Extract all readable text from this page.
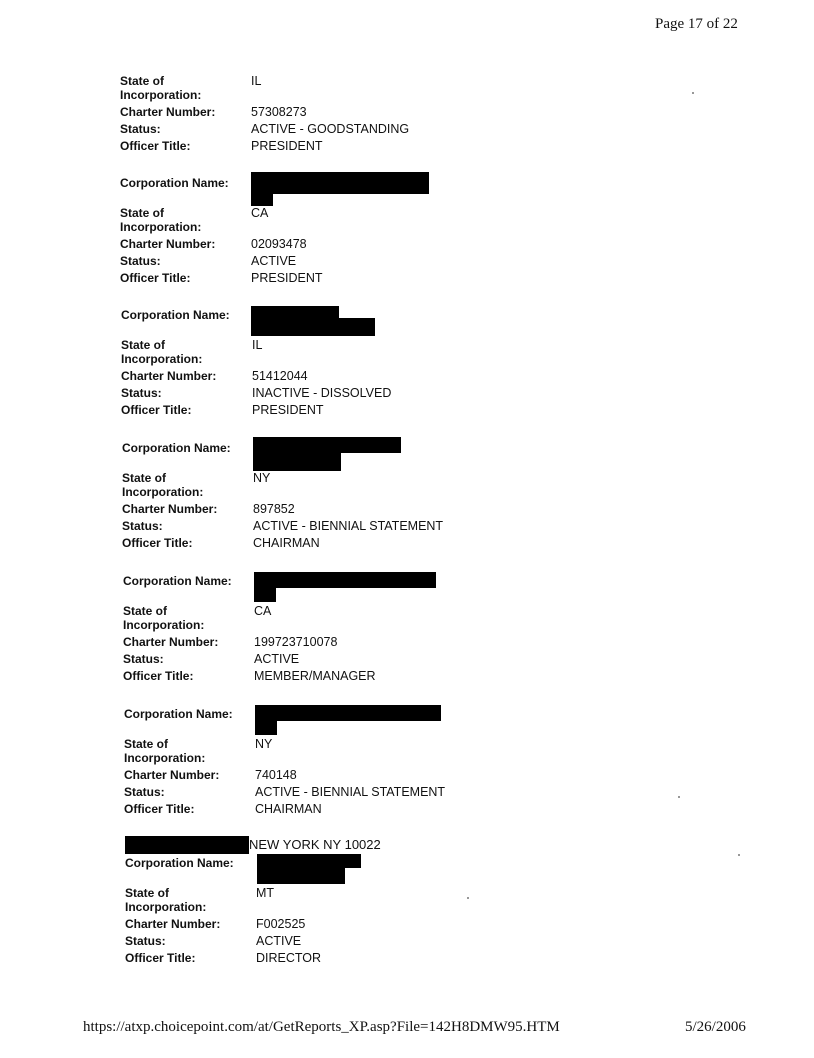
Page 17 of 22
State of Incorporation:
IL
Charter Number:	57308273
Status:	ACTIVE - GOODSTANDING
Officer Title:	PRESIDENT
Corporation Name:
State of Incorporation:
CA
Charter Number:	02093478
Status:	ACTIVE
Officer Title:	PRESIDENT
Corporation Name:
State of Incorporation:
IL
Charter Number:	51412044
Status:	INACTIVE - DISSOLVED
Officer Title:	PRESIDENT
Corporation Name:
State of Incorporation:
NY
Charter Number:	897852
Status:	ACTIVE - BIENNIAL STATEMENT
Officer Title:	CHAIRMAN
Corporation Name:
State of Incorporation:
CA
Charter Number:	199723710078
Status:	ACTIVE
Officer Title:	MEMBER/MANAGER
Corporation Name:
State of Incorporation:
NY
Charter Number:	740148
Status:	ACTIVE - BIENNIAL STATEMENT
Officer Title:	CHAIRMAN
NEW YORK NY 10022
Corporation Name:
State of Incorporation:
MT
Charter Number:	F002525
Status:	ACTIVE
Officer Title:	DIRECTOR
https://atxp.choicepoint.com/at/GetReports_XP.asp?File=142H8DMW95.HTM	5/26/2006
